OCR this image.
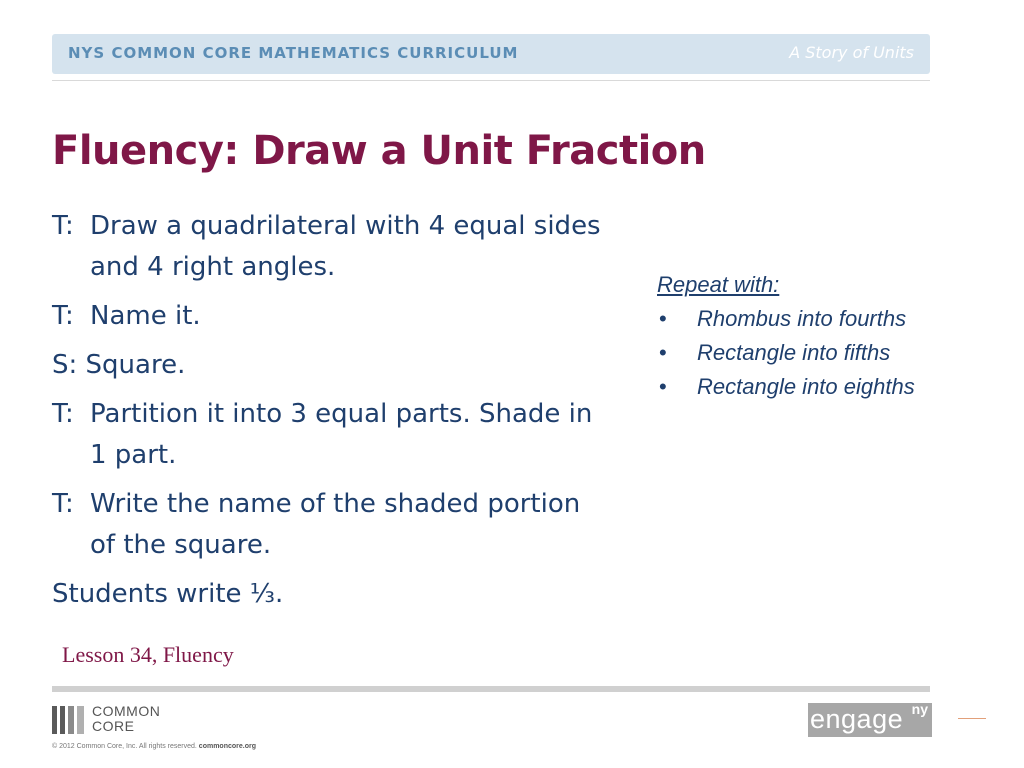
NYS COMMON CORE MATHEMATICS CURRICULUM	A Story of Units
Fluency: Draw a Unit Fraction
T: Draw a quadrilateral with 4 equal sides and 4 right angles.
T: Name it.
S: Square.
T: Partition it into 3 equal parts. Shade in 1 part.
T: Write the name of the shaded portion of the square.
Students write ⅓.
Repeat with:
• Rhombus into fourths
• Rectangle into fifths
• Rectangle into eighths
Lesson 34, Fluency
COMMON
CORE
© 2012 Common Core, Inc. All rights reserved. commoncore.org
engage ny
